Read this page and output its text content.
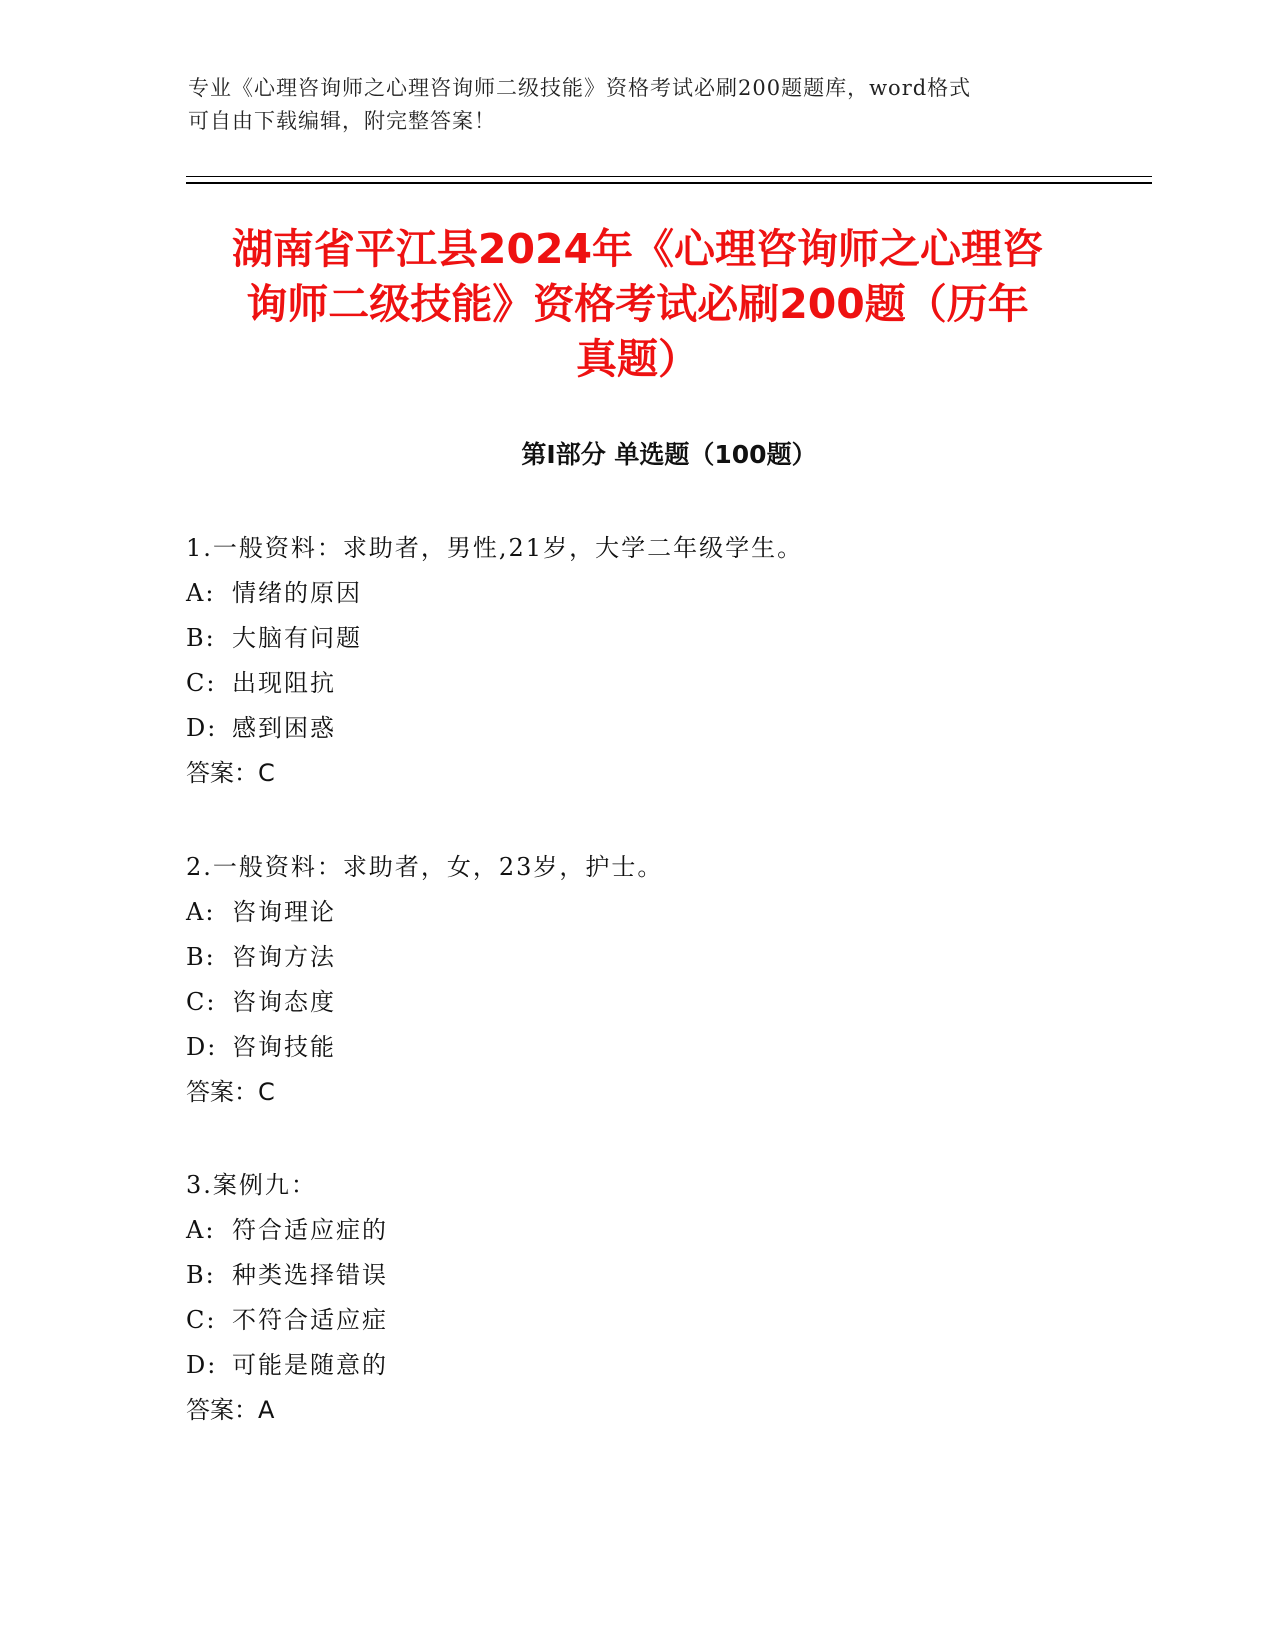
专业《心理咨询师之心理咨询师二级技能》资格考试必刷200题题库，word格式
可自由下载编辑，附完整答案！
湖南省平江县2024年《心理咨询师之心理咨
询师二级技能》资格考试必刷200题（历年
真题）
第Ⅰ部分 单选题（100题）
1.一般资料：求助者，男性,21岁，大学二年级学生。
A: 情绪的原因
B: 大脑有问题
C: 出现阻抗
D: 感到困惑
答案：C
2.一般资料：求助者，女，23岁，护士。
A: 咨询理论
B: 咨询方法
C: 咨询态度
D: 咨询技能
答案：C
3.案例九：
A: 符合适应症的
B: 种类选择错误
C: 不符合适应症
D: 可能是随意的
答案：A
